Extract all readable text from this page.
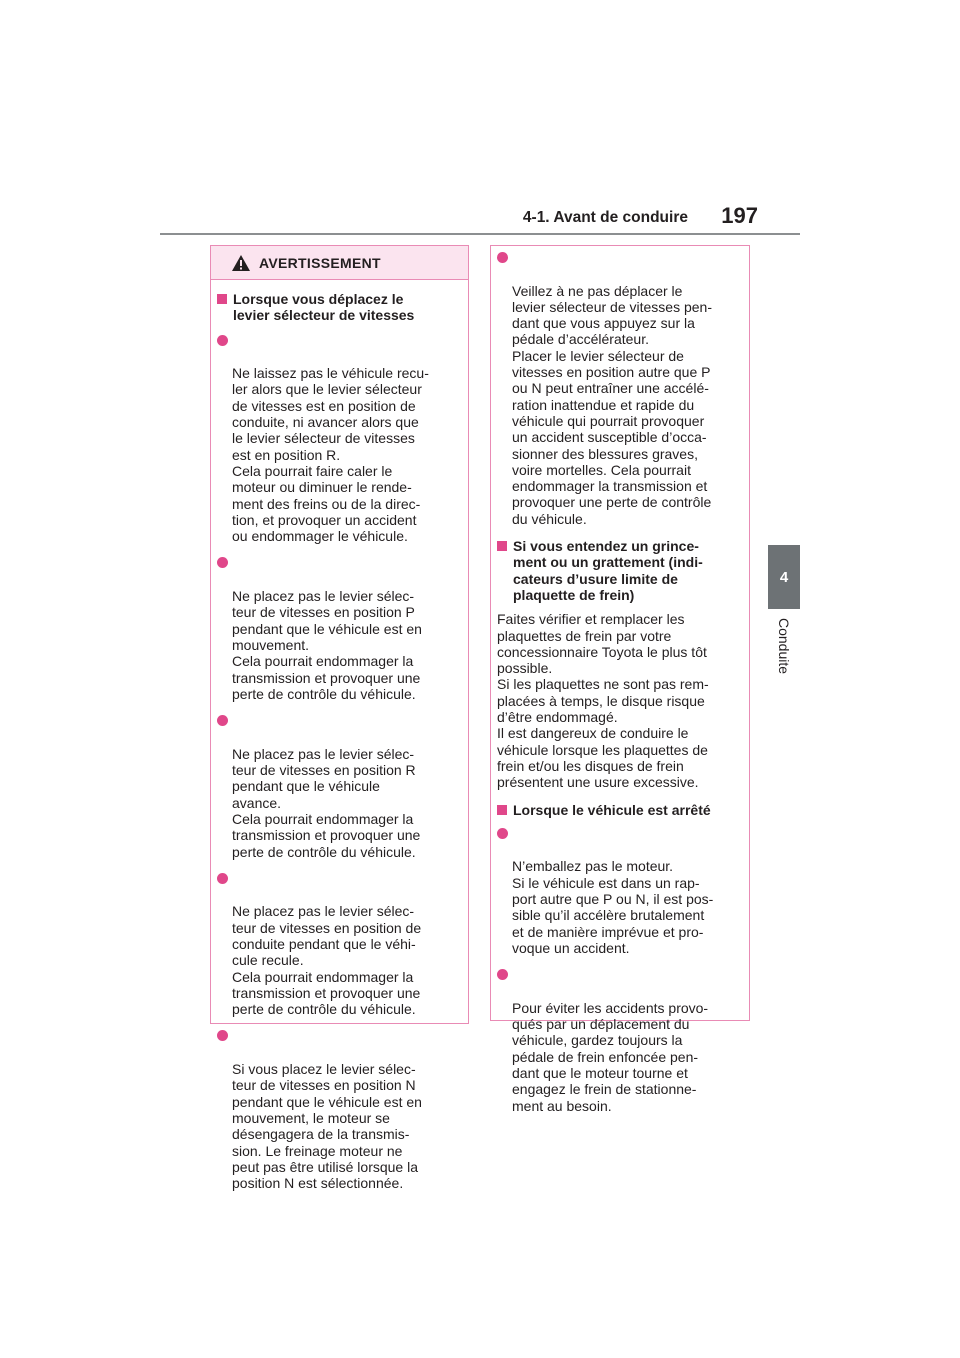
4-1. Avant de conduire 197
4
Conduite
AVERTISSEMENT
Lorsque vous déplacez le
levier sélecteur de vitesses

Ne laissez pas le véhicule recu-
ler alors que le levier sélecteur
de vitesses est en position de
conduite, ni avancer alors que
le levier sélecteur de vitesses
est en position R.
Cela pourrait faire caler le
moteur ou diminuer le rende-
ment des freins ou de la direc-
tion, et provoquer un accident
ou endommager le véhicule.

Ne placez pas le levier sélec-
teur de vitesses en position P
pendant que le véhicule est en
mouvement.
Cela pourrait endommager la
transmission et provoquer une
perte de contrôle du véhicule.

Ne placez pas le levier sélec-
teur de vitesses en position R
pendant que le véhicule
avance.
Cela pourrait endommager la
transmission et provoquer une
perte de contrôle du véhicule.

Ne placez pas le levier sélec-
teur de vitesses en position de
conduite pendant que le véhi-
cule recule.
Cela pourrait endommager la
transmission et provoquer une
perte de contrôle du véhicule.

Si vous placez le levier sélec-
teur de vitesses en position N
pendant que le véhicule est en
mouvement, le moteur se
désengagera de la transmis-
sion. Le freinage moteur ne
peut pas être utilisé lorsque la
position N est sélectionnée.

Veillez à ne pas déplacer le
levier sélecteur de vitesses pen-
dant que vous appuyez sur la
pédale d’accélérateur.
Placer le levier sélecteur de
vitesses en position autre que P
ou N peut entraîner une accélé-
ration inattendue et rapide du
véhicule qui pourrait provoquer
un accident susceptible d’occa-
sionner des blessures graves,
voire mortelles. Cela pourrait
endommager la transmission et
provoquer une perte de contrôle
du véhicule.

Si vous entendez un grince-
ment ou un grattement (indi-
cateurs d’usure limite de
plaquette de frein)
Faites vérifier et remplacer les
plaquettes de frein par votre
concessionnaire Toyota le plus tôt
possible.
Si les plaquettes ne sont pas rem-
placées à temps, le disque risque
d’être endommagé.
Il est dangereux de conduire le
véhicule lorsque les plaquettes de
frein et/ou les disques de frein
présentent une usure excessive.
Lorsque le véhicule est arrêté

N’emballez pas le moteur.
Si le véhicule est dans un rap-
port autre que P ou N, il est pos-
sible qu’il accélère brutalement
et de manière imprévue et pro-
voque un accident.

Pour éviter les accidents provo-
qués par un déplacement du
véhicule, gardez toujours la
pédale de frein enfoncée pen-
dant que le moteur tourne et
engagez le frein de stationne-
ment au besoin.
